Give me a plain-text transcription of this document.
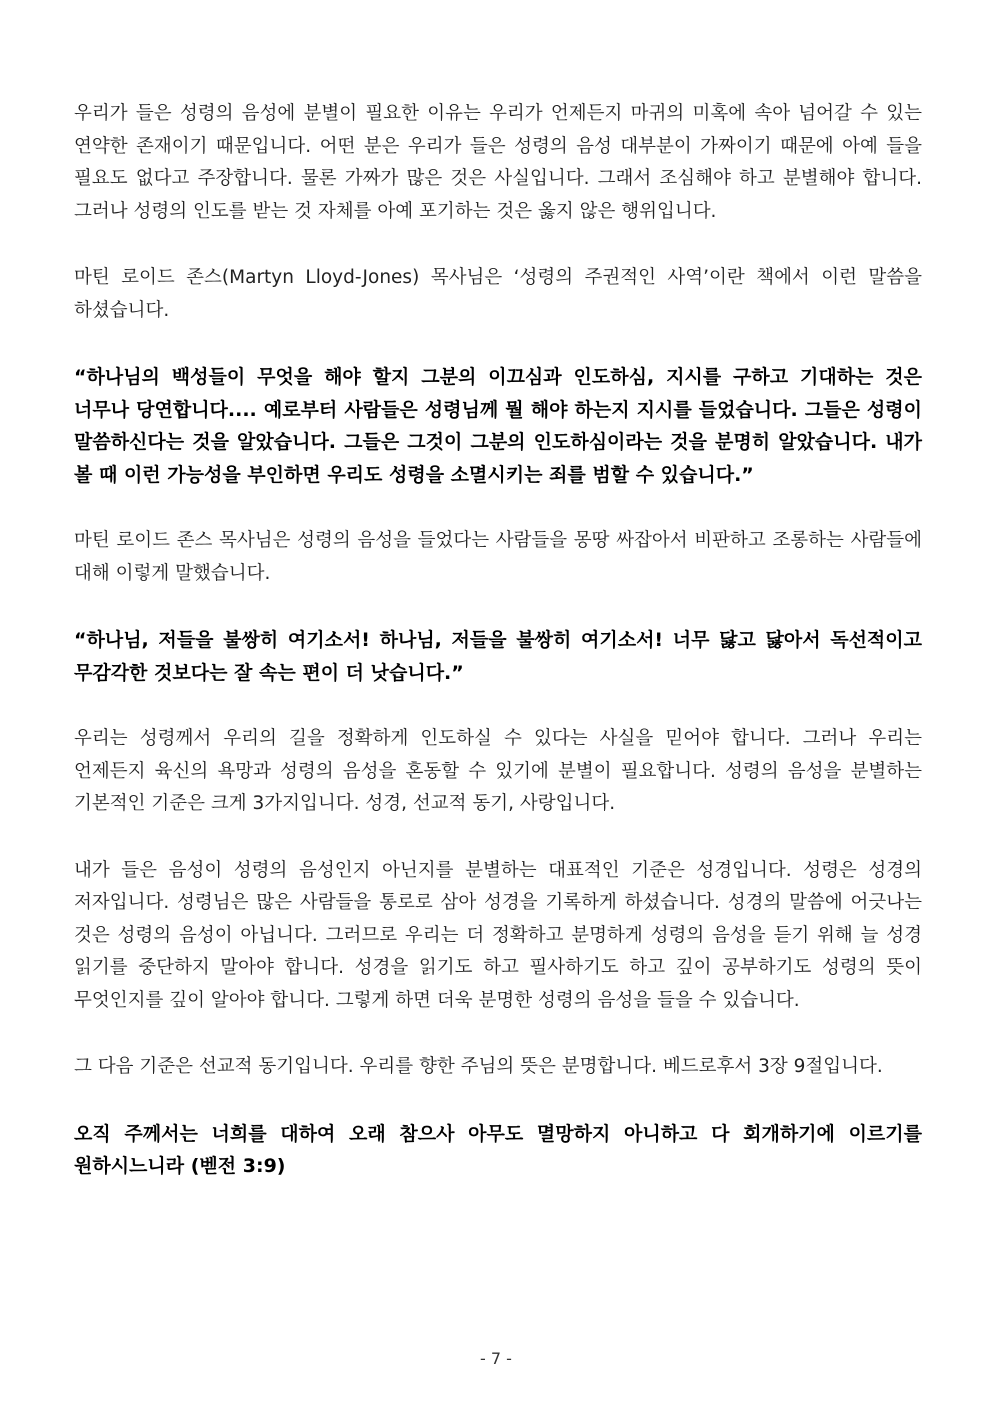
우리가 들은 성령의 음성에 분별이 필요한 이유는 우리가 언제든지 마귀의 미혹에 속아 넘어갈 수 있는 연약한 존재이기 때문입니다. 어떤 분은 우리가 들은 성령의 음성 대부분이 가짜이기 때문에 아예 들을 필요도 없다고 주장합니다. 물론 가짜가 많은 것은 사실입니다. 그래서 조심해야 하고 분별해야 합니다. 그러나 성령의 인도를 받는 것 자체를 아예 포기하는 것은 옳지 않은 행위입니다.

마틴 로이드 존스(Martyn Lloyd-Jones) 목사님은 ‘성령의 주권적인 사역’이란 책에서 이런 말씀을 하셨습니다.

“하나님의 백성들이 무엇을 해야 할지 그분의 이끄심과 인도하심, 지시를 구하고 기대하는 것은 너무나 당연합니다.... 예로부터 사람들은 성령님께 뭘 해야 하는지 지시를 들었습니다. 그들은 성령이 말씀하신다는 것을 알았습니다. 그들은 그것이 그분의 인도하심이라는 것을 분명히 알았습니다. 내가 볼 때 이런 가능성을 부인하면 우리도 성령을 소멸시키는 죄를 범할 수 있습니다.”

마틴 로이드 존스 목사님은 성령의 음성을 들었다는 사람들을 몽땅 싸잡아서 비판하고 조롱하는 사람들에 대해 이렇게 말했습니다.

“하나님, 저들을 불쌍히 여기소서! 하나님, 저들을 불쌍히 여기소서! 너무 닳고 닳아서 독선적이고 무감각한 것보다는 잘 속는 편이 더 낫습니다.”

우리는 성령께서 우리의 길을 정확하게 인도하실 수 있다는 사실을 믿어야 합니다. 그러나 우리는 언제든지 육신의 욕망과 성령의 음성을 혼동할 수 있기에 분별이 필요합니다. 성령의 음성을 분별하는 기본적인 기준은 크게 3가지입니다. 성경, 선교적 동기, 사랑입니다.

내가 들은 음성이 성령의 음성인지 아닌지를 분별하는 대표적인 기준은 성경입니다. 성령은 성경의 저자입니다. 성령님은 많은 사람들을 통로로 삼아 성경을 기록하게 하셨습니다. 성경의 말씀에 어긋나는 것은 성령의 음성이 아닙니다. 그러므로 우리는 더 정확하고 분명하게 성령의 음성을 듣기 위해 늘 성경 읽기를 중단하지 말아야 합니다. 성경을 읽기도 하고 필사하기도 하고 깊이 공부하기도 성령의 뜻이 무엇인지를 깊이 알아야 합니다. 그렇게 하면 더욱 분명한 성령의 음성을 들을 수 있습니다.

그 다음 기준은 선교적 동기입니다. 우리를 향한 주님의 뜻은 분명합니다. 베드로후서 3장 9절입니다.

오직 주께서는 너희를 대하여 오래 참으사 아무도 멸망하지 아니하고 다 회개하기에 이르기를 원하시느니라 (벧전 3:9)

- 7 -
